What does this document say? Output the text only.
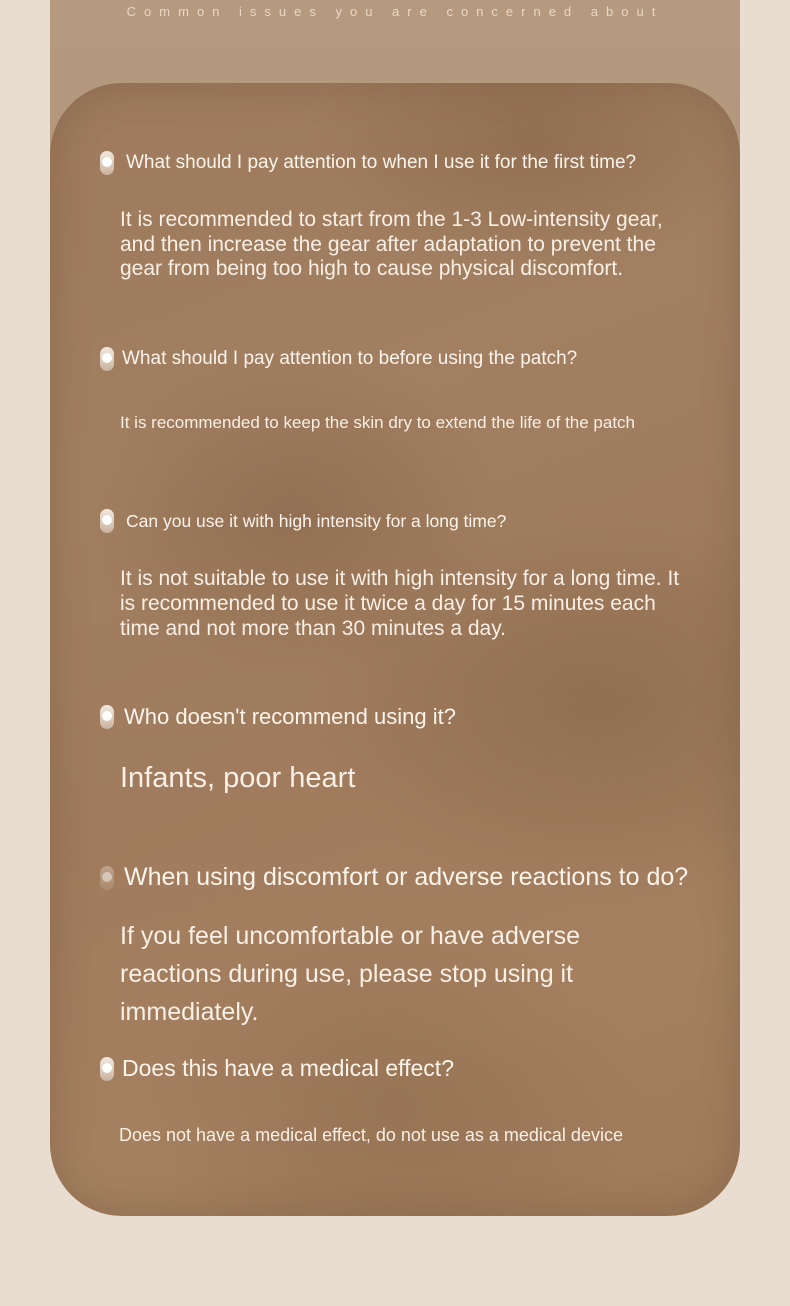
Common issues you are concerned about
What should I pay attention to when I use it for the first time?
It is recommended to start from the 1-3 Low-intensity gear, and then increase the gear after adaptation to prevent the gear from being too high to cause physical discomfort.
What should I pay attention to before using the patch?
It is recommended to keep the skin dry to extend the life of the patch
Can you use it with high intensity for a long time?
It is not suitable to use it with high intensity for a long time. It is recommended to use it twice a day for 15 minutes each time and not more than 30 minutes a day.
Who doesn't recommend using it?
Infants, poor heart
When using discomfort or adverse reactions to do?
If you feel uncomfortable or have adverse reactions during use, please stop using it immediately.
Does this have a medical effect?
Does not have a medical effect, do not use as a medical device
